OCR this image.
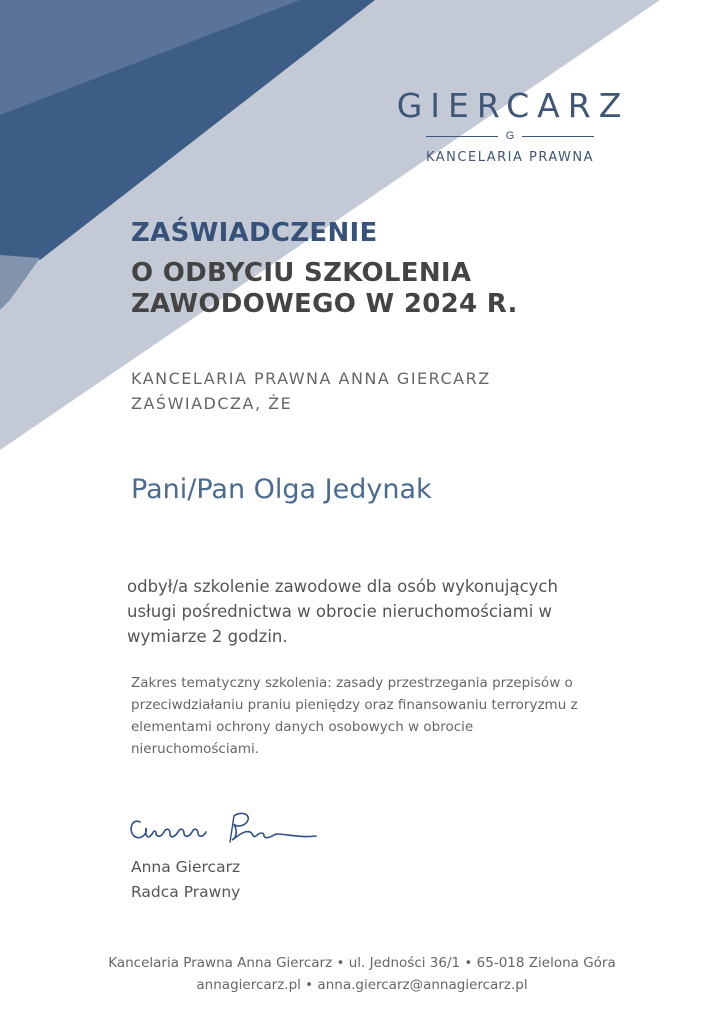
GIERCARZ
G
KANCELARIA PRAWNA
ZAŚWIADCZENIE
O ODBYCIU SZKOLENIA
ZAWODOWEGO W 2024 R.
KANCELARIA PRAWNA ANNA GIERCARZ
ZAŚWIADCZA, ŻE
Pani/Pan Olga Jedynak
odbył/a szkolenie zawodowe dla osób wykonujących
usługi pośrednictwa w obrocie nieruchomościami w
wymiarze 2 godzin.
Zakres tematyczny szkolenia: zasady przestrzegania przepisów o
przeciwdziałaniu praniu pieniędzy oraz finansowaniu terroryzmu z
elementami ochrony danych osobowych w obrocie
nieruchomościami.
Anna Giercarz
Radca Prawny
Kancelaria Prawna Anna Giercarz • ul. Jedności 36/1 • 65-018 Zielona Góra
annagiercarz.pl • anna.giercarz@annagiercarz.pl
